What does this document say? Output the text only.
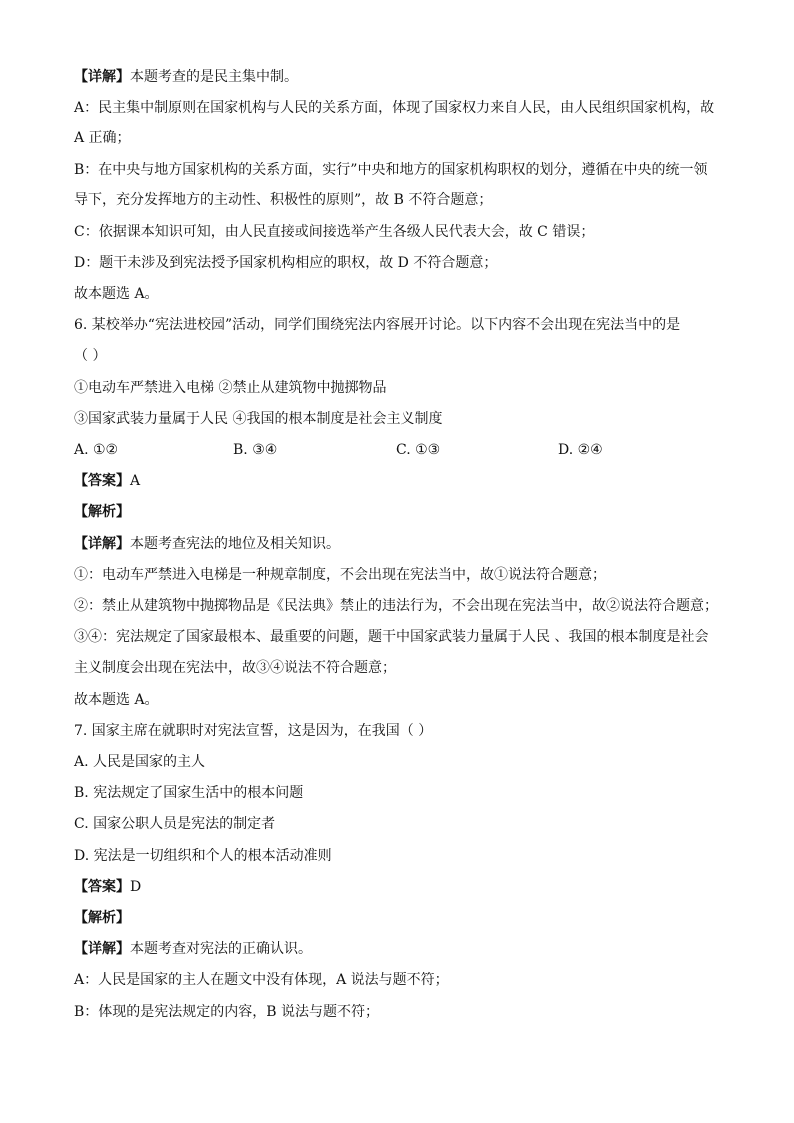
【详解】本题考查的是民主集中制。
A：民主集中制原则在国家机构与人民的关系方面，体现了国家权力来自人民，由人民组织国家机构，故
A 正确；
B：在中央与地方国家机构的关系方面，实行”中央和地方的国家机构职权的划分，遵循在中央的统一领
导下，充分发挥地方的主动性、积极性的原则”，故 B 不符合题意；
C：依据课本知识可知，由人民直接或间接选举产生各级人民代表大会，故 C 错误；
D：题干未涉及到宪法授予国家机构相应的职权，故 D 不符合题意；
故本题选 A。
6. 某校举办“宪法进校园”活动，同学们围绕宪法内容展开讨论。以下内容不会出现在宪法当中的是
（ ）
①电动车严禁进入电梯 ②禁止从建筑物中抛掷物品
③国家武装力量属于人民 ④我国的根本制度是社会主义制度
A. ①②	B. ③④	C. ①③	D. ②④
【答案】A
【解析】
【详解】本题考查宪法的地位及相关知识。
①：电动车严禁进入电梯是一种规章制度，不会出现在宪法当中，故①说法符合题意；
②：禁止从建筑物中抛掷物品是《民法典》禁止的违法行为，不会出现在宪法当中，故②说法符合题意；
③④：宪法规定了国家最根本、最重要的问题，题干中国家武装力量属于人民 、我国的根本制度是社会
主义制度会出现在宪法中，故③④说法不符合题意；
故本题选 A。
7. 国家主席在就职时对宪法宣誓，这是因为，在我国（ ）
A. 人民是国家的主人
B. 宪法规定了国家生活中的根本问题
C. 国家公职人员是宪法的制定者
D. 宪法是一切组织和个人的根本活动准则
【答案】D
【解析】
【详解】本题考查对宪法的正确认识。
A：人民是国家的主人在题文中没有体现，A 说法与题不符；
B：体现的是宪法规定的内容，B 说法与题不符；
